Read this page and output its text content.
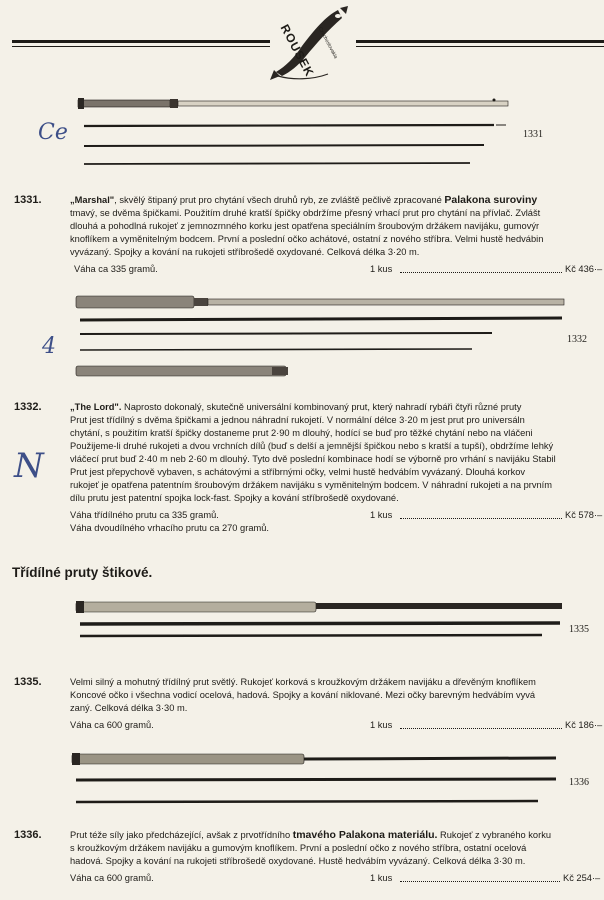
ROUSEK Czechoslovakia
1331
Ce
1331.	„Marshal", skvělý štipaný prut pro chytání všech druhů ryb, ze zvláště pečlivě zpracované Palakona suroviny
tmavý, se dvěma špičkami. Použitím druhé kratší špičky obdržíme přesný vrhací prut pro chytání na přívlač. Zvlášt
dlouhá a pohodlná rukojeť z jemnozrnného korku jest opatřena speciálním šroubovým držákem navijáku, gumovýr
knoflíkem a vyměnitelným bodcem. První a poslední očko achátové, ostatní z nového stříbra. Velmi hustě hedvábin
vyvázaný. Spojky a kování na rukojeti stříbrošedě oxydované. Celková délka 3·20 m.
Váha ca 335 gramů.	1 kus	Kč 436·–
1332
4
1332.	„The Lord". Naprosto dokonalý, skutečně universální kombinovaný prut, který nahradí rybáři čtyři různé pruty
Prut jest třídílný s dvěma špičkami a jednou náhradní rukojetí. V normální délce 3·20 m jest prut pro universáln
chytání, s použitím kratší špičky dostaneme prut 2·90 m dlouhý, hodící se buď pro těžké chytání nebo na vláčeni
Použijeme-li druhé rukojeti a dvou vrchních dílů (buď s delší a jemnější špičkou nebo s kratší a tupší), obdržíme lehký
vláčecí prut buď 2·40 m neb 2·60 m dlouhý. Tyto dvě poslední kombinace hodí se výborně pro vrhání s navijáku Stabil
Prut jest přepychově vybaven, s achátovými a stříbrnými očky, velmi hustě hedvábím vyvázaný. Dlouhá korkov
rukojeť je opatřena patentním šroubovým držákem navijáku s vyměnitelným bodcem. V náhradní rukojeti a na prvním
dílu prutu jest patentní spojka lock-fast. Spojky a kování stříbrošedě oxydované.
Váha třídílného prutu ca 335 gramů.	1 kus	Kč 578·–
Váha dvoudílného vrhacího prutu ca 270 gramů.
N
Třídílné pruty štikové.
1335
1335.	Velmi silný a mohutný třídílný prut světlý. Rukojeť korková s kroužkovým držákem navijáku a dřevěným knoflíkem
Koncové očko i všechna vodicí ocelová, hadová. Spojky a kování niklované. Mezi očky barevným hedvábím vyvá
zaný. Celková délka 3·30 m.
Váha ca 600 gramů.	1 kus	Kč 186·–
1336
1336.	Prut téže síly jako předcházející, avšak z prvotřídního tmavého Palakona materiálu. Rukojeť z vybraného korku
s kroužkovým držákem navijáku a gumovým knoflíkem. První a poslední očko z nového stříbra, ostatní ocelová
hadová. Spojky a kování na rukojeti stříbrošedě oxydované. Hustě hedvábím vyvázaný. Celková délka 3·30 m.
Váha ca 600 gramů.	1 kus	Kč 254·–
